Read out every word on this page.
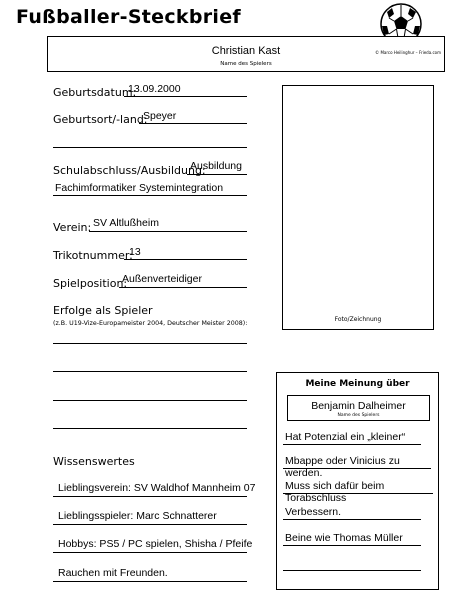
Fußballer-Steckbrief
Christian Kast
Name des Spielers
© Marco Heilinghur – Frieda.com
Geburtsdatum:
13.09.2000
Geburtsort/-land:
Speyer
Schulabschluss/Ausbildung:
Ausbildung
Fachimformatiker Systemintegration
Verein: SV Altlußheim
Trikotnummer:
13
Spielposition:
Außenverteidiger
Erfolge als Spieler
(z.B. U19-Vize-Europameister 2004, Deutscher Meister 2008):
Foto/Zeichnung
Wissenswertes
Lieblingsverein: SV Waldhof Mannheim 07
Lieblingsspieler: Marc Schnatterer
Hobbys: PS5 / PC spielen, Shisha / Pfeife
Rauchen mit Freunden.
Meine Meinung über
Benjamin Dalheimer
Name des Spielers
Hat Potenzial ein „kleiner“
Mbappe oder Vinicius zu werden.
Muss sich dafür beim Torabschluss
Verbessern.
Beine wie Thomas Müller
